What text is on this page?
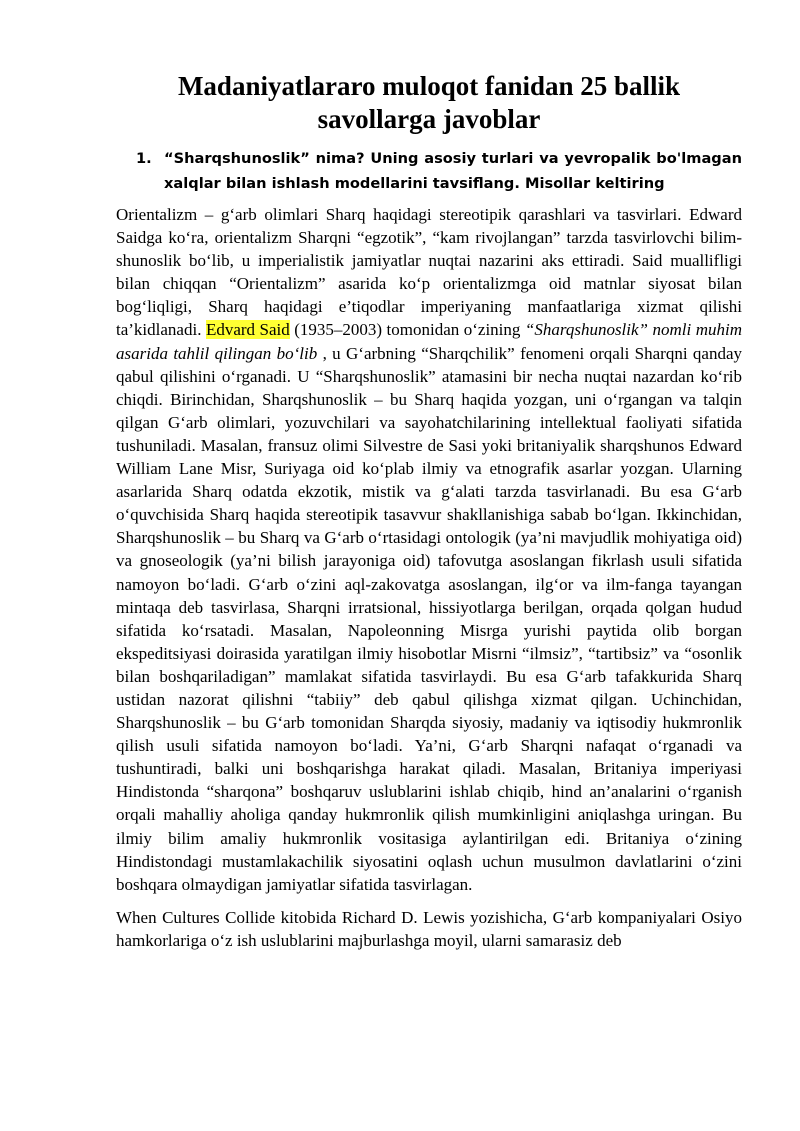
Madaniyatlararo muloqot fanidan 25 ballik savollarga javoblar
1. “Sharqshunoslik” nima? Uning asosiy turlari va yevropalik bo'lmagan xalqlar bilan ishlash modellarini tavsiflang. Misollar keltiring

Orientalizm – g‘arb olimlari Sharq haqidagi stereotipik qarashlari va tasvirlari. Edward Saidga ko‘ra, orientalizm Sharqni “egzotik”, “kam rivojlangan” tarzda tasvirlovchi bilim-shunoslik bo‘lib, u imperialistik jamiyatlar nuqtai nazarini aks ettiradi. Said muallifligi bilan chiqqan “Orientalizm” asarida ko‘p orientalizmga oid matnlar siyosat bilan bog‘liqligi, Sharq haqidagi e’tiqodlar imperiyaning manfaatlariga xizmat qilishi ta’kidlanadi. Edvard Said (1935–2003) tomonidan o‘zining “Sharqshunoslik” nomli muhim asarida tahlil qilingan bo‘lib , u G‘arbning “Sharqchilik” fenomeni orqali Sharqni qanday qabul qilishini o‘rganadi. U “Sharqshunoslik” atamasini bir necha nuqtai nazardan ko‘rib chiqdi. Birinchidan, Sharqshunoslik – bu Sharq haqida yozgan, uni o‘rgangan va talqin qilgan G‘arb olimlari, yozuvchilari va sayohatchilarining intellektual faoliyati sifatida tushuniladi. Masalan, fransuz olimi Silvestre de Sasi yoki britaniyalik sharqshunos Edward William Lane Misr, Suriyaga oid ko‘plab ilmiy va etnografik asarlar yozgan. Ularning asarlarida Sharq odatda ekzotik, mistik va g‘alati tarzda tasvirlanadi. Bu esa G‘arb o‘quvchisida Sharq haqida stereotipik tasavvur shakllanishiga sabab bo‘lgan. Ikkinchidan, Sharqshunoslik – bu Sharq va G‘arb o‘rtasidagi ontologik (ya’ni mavjudlik mohiyatiga oid) va gnoseologik (ya’ni bilish jarayoniga oid) tafovutga asoslangan fikrlash usuli sifatida namoyon bo‘ladi. G‘arb o‘zini aql-zakovatga asoslangan, ilg‘or va ilm-fanga tayangan mintaqa deb tasvirlasa, Sharqni irratsional, hissiyotlarga berilgan, orqada qolgan hudud sifatida ko‘rsatadi. Masalan, Napoleonning Misrga yurishi paytida olib borgan ekspeditsiyasi doirasida yaratilgan ilmiy hisobotlar Misrni “ilmsiz”, “tartibsiz” va “osonlik bilan boshqariladigan” mamlakat sifatida tasvirlaydi. Bu esa G‘arb tafakkurida Sharq ustidan nazorat qilishni “tabiiy” deb qabul qilishga xizmat qilgan. Uchinchidan, Sharqshunoslik – bu G‘arb tomonidan Sharqda siyosiy, madaniy va iqtisodiy hukmronlik qilish usuli sifatida namoyon bo‘ladi. Ya’ni, G‘arb Sharqni nafaqat o‘rganadi va tushuntiradi, balki uni boshqarishga harakat qiladi. Masalan, Britaniya imperiyasi Hindistonda “sharqona” boshqaruv uslublarini ishlab chiqib, hind an’analarini o‘rganish orqali mahalliy aholiga qanday hukmronlik qilish mumkinligini aniqlashga uringan. Bu ilmiy bilim amaliy hukmronlik vositasiga aylantirilgan edi. Britaniya o‘zining Hindistondagi mustamlakachilik siyosatini oqlash uchun musulmon davlatlarini o‘zini boshqara olmaydigan jamiyatlar sifatida tasvirlagan.

When Cultures Collide kitobida Richard D. Lewis yozishicha, G‘arb kompaniyalari Osiyo hamkorlariga o‘z ish uslublarini majburlashga moyil, ularni samarasiz deb
